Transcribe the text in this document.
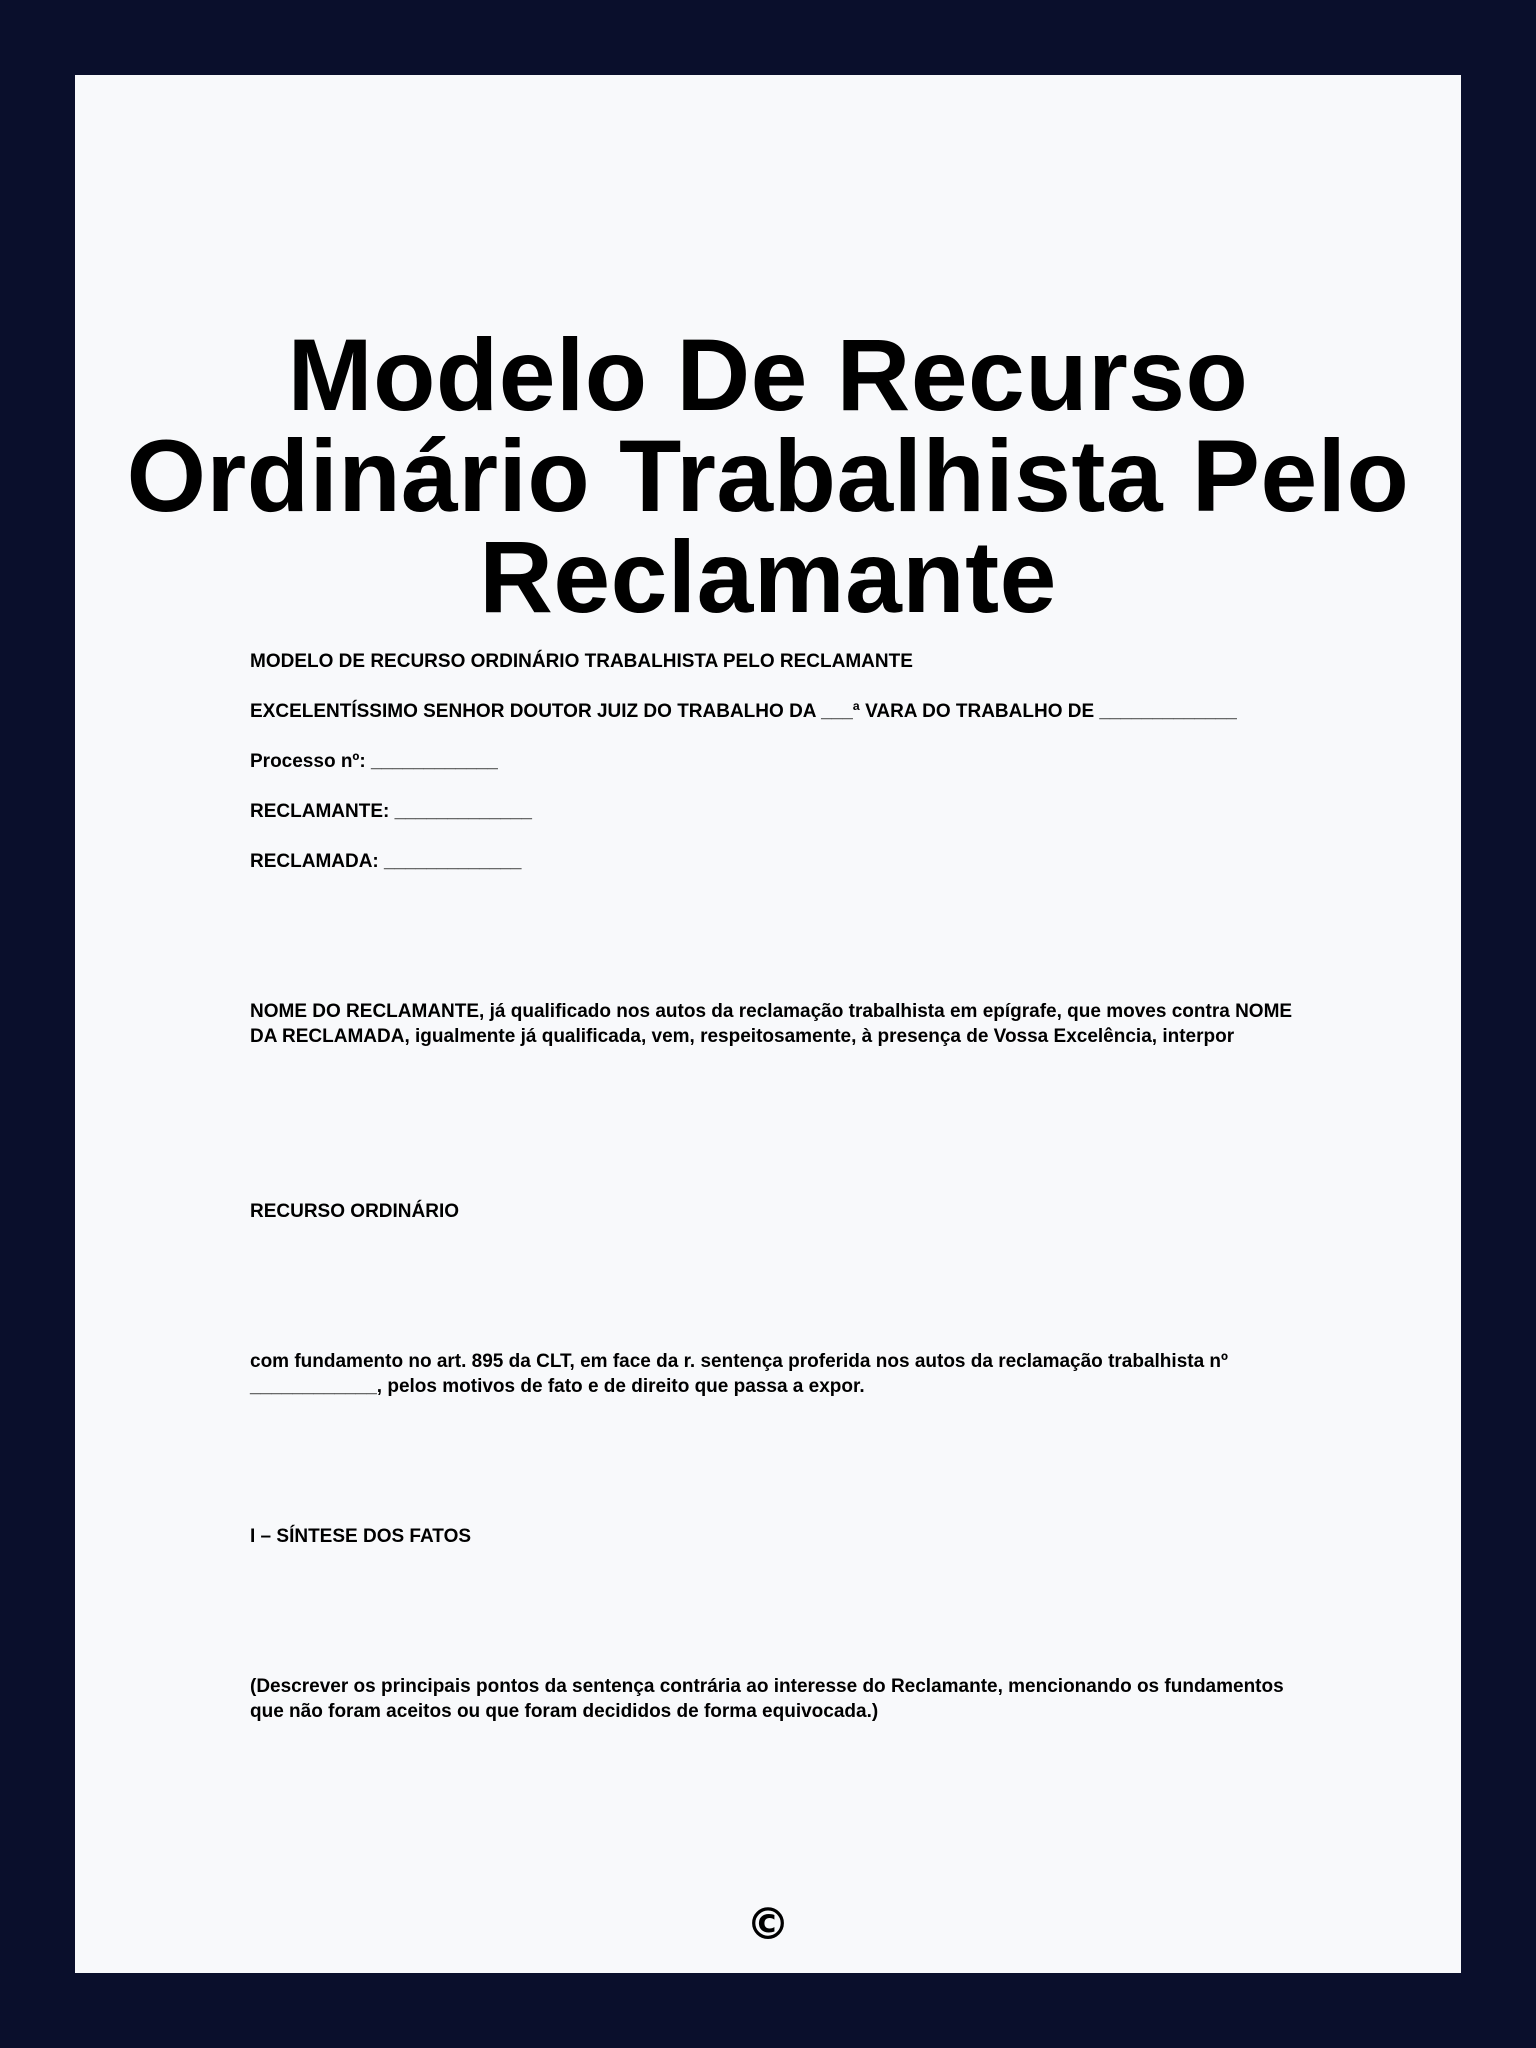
Modelo De Recurso Ordinário Trabalhista Pelo Reclamante

MODELO DE RECURSO ORDINÁRIO TRABALHISTA PELO RECLAMANTE

EXCELENTÍSSIMO SENHOR DOUTOR JUIZ DO TRABALHO DA ___ª VARA DO TRABALHO DE _____________

Processo nº: ____________

RECLAMANTE: _____________

RECLAMADA: _____________

NOME DO RECLAMANTE, já qualificado nos autos da reclamação trabalhista em epígrafe, que moves contra NOME DA RECLAMADA, igualmente já qualificada, vem, respeitosamente, à presença de Vossa Excelência, interpor

RECURSO ORDINÁRIO

com fundamento no art. 895 da CLT, em face da r. sentença proferida nos autos da reclamação trabalhista nº ____________, pelos motivos de fato e de direito que passa a expor.

I – SÍNTESE DOS FATOS

(Descrever os principais pontos da sentença contrária ao interesse do Reclamante, mencionando os fundamentos que não foram aceitos ou que foram decididos de forma equivocada.)

©
